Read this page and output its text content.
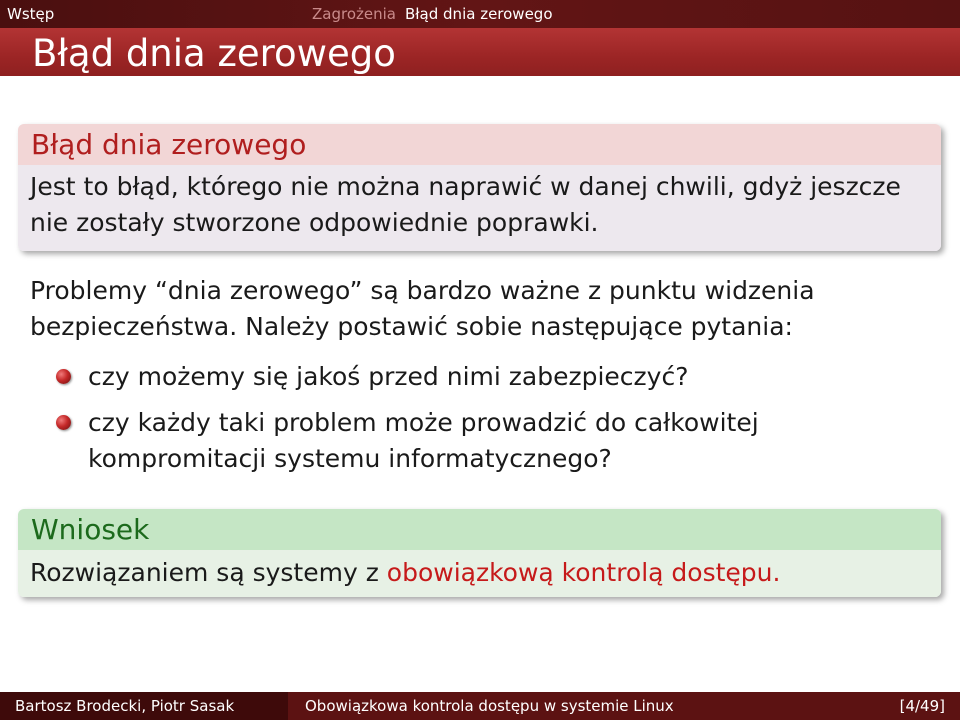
Wstęp	Zagrożenia Błąd dnia zerowego
Błąd dnia zerowego
Błąd dnia zerowego
Jest to błąd, którego nie można naprawić w danej chwili, gdyż jeszcze
nie zostały stworzone odpowiednie poprawki.
Problemy “dnia zerowego” są bardzo ważne z punktu widzenia
bezpieczeństwa. Należy postawić sobie następujące pytania:
czy możemy się jakoś przed nimi zabezpieczyć?
czy każdy taki problem może prowadzić do całkowitej
kompromitacji systemu informatycznego?
Wniosek
Rozwiązaniem są systemy z obowiązkową kontrolą dostępu.
Bartosz Brodecki, Piotr Sasak	Obowiązkowa kontrola dostępu w systemie Linux	[4/49]
